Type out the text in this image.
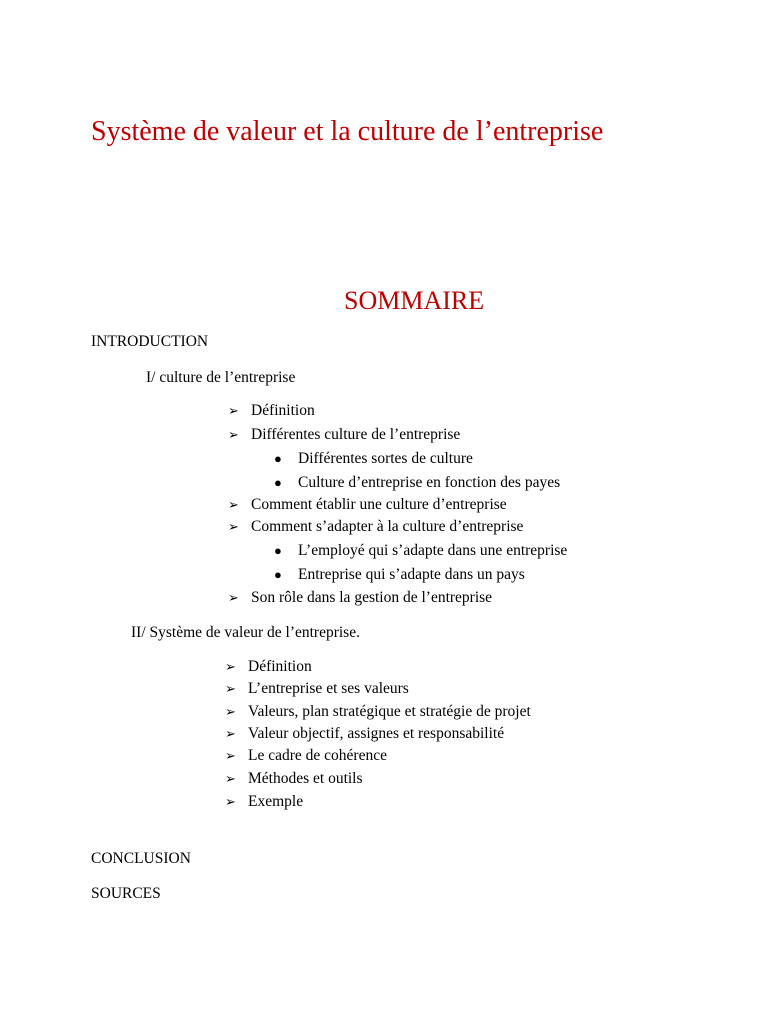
Système de valeur et la culture de l’entreprise
SOMMAIRE
INTRODUCTION
I/ culture de l’entreprise
➢ Définition
➢ Différentes culture de l’entreprise
●	Différentes sortes de culture
●	Culture d’entreprise en fonction des payes
➢ Comment établir une culture d’entreprise
➢ Comment s’adapter à la culture d’entreprise
●	L’employé qui s’adapte dans une entreprise
●	Entreprise qui s’adapte dans un pays
➢ Son rôle dans la gestion de l’entreprise
II/ Système de valeur de l’entreprise.
➢ Définition
➢ L’entreprise et ses valeurs
➢ Valeurs, plan stratégique et stratégie de projet
➢ Valeur objectif, assignes et responsabilité
➢ Le cadre de cohérence
➢ Méthodes et outils
➢ Exemple
CONCLUSION
SOURCES
